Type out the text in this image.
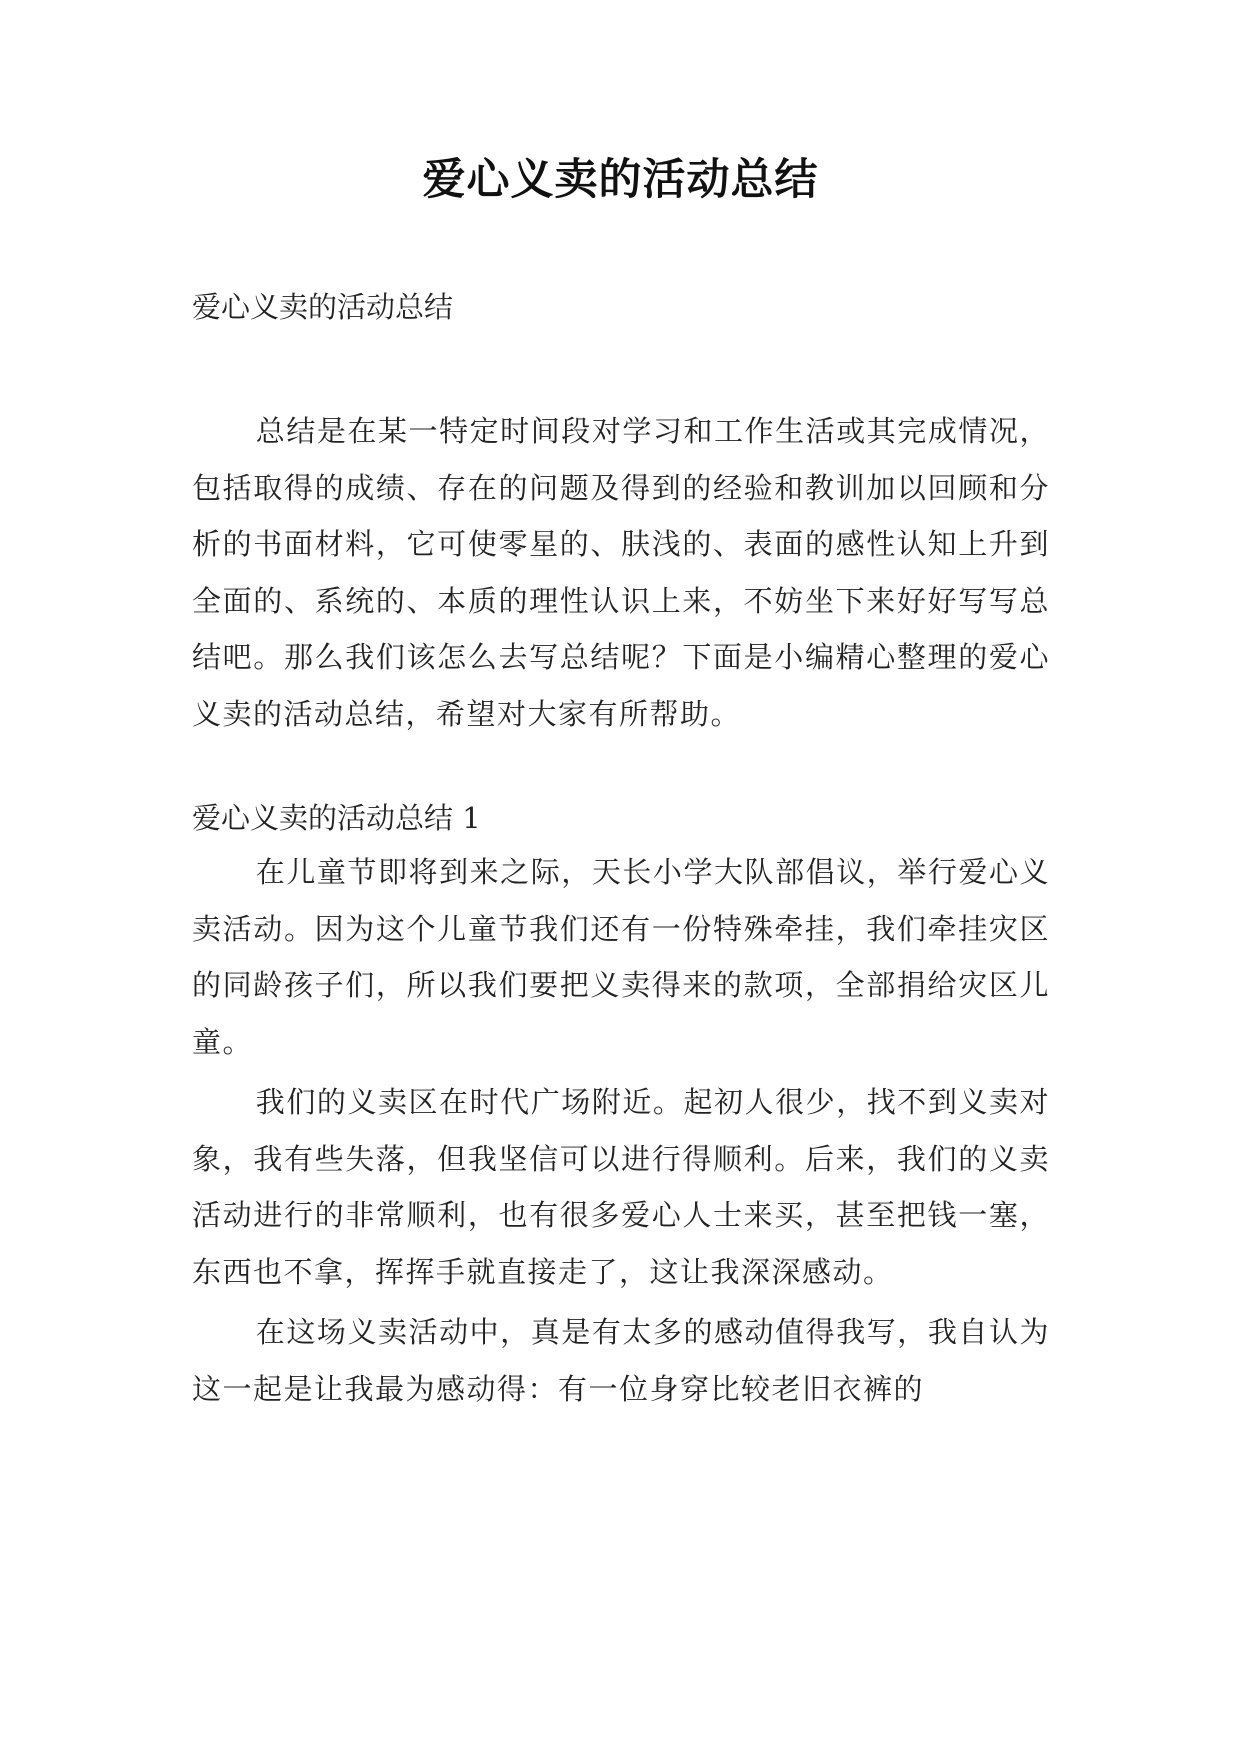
爱心义卖的活动总结

爱心义卖的活动总结

总结是在某一特定时间段对学习和工作生活或其完成情况，包括取得的成绩、存在的问题及得到的经验和教训加以回顾和分析的书面材料，它可使零星的、肤浅的、表面的感性认知上升到全面的、系统的、本质的理性认识上来，不妨坐下来好好写写总结吧。那么我们该怎么去写总结呢？下面是小编精心整理的爱心义卖的活动总结，希望对大家有所帮助。

爱心义卖的活动总结 1

在儿童节即将到来之际，天长小学大队部倡议，举行爱心义卖活动。因为这个儿童节我们还有一份特殊牵挂，我们牵挂灾区的同龄孩子们，所以我们要把义卖得来的款项，全部捐给灾区儿童。

我们的义卖区在时代广场附近。起初人很少，找不到义卖对象，我有些失落，但我坚信可以进行得顺利。后来，我们的义卖活动进行的非常顺利，也有很多爱心人士来买，甚至把钱一塞，东西也不拿，挥挥手就直接走了，这让我深深感动。

在这场义卖活动中，真是有太多的感动值得我写，我自认为这一起是让我最为感动得：有一位身穿比较老旧衣裤的
